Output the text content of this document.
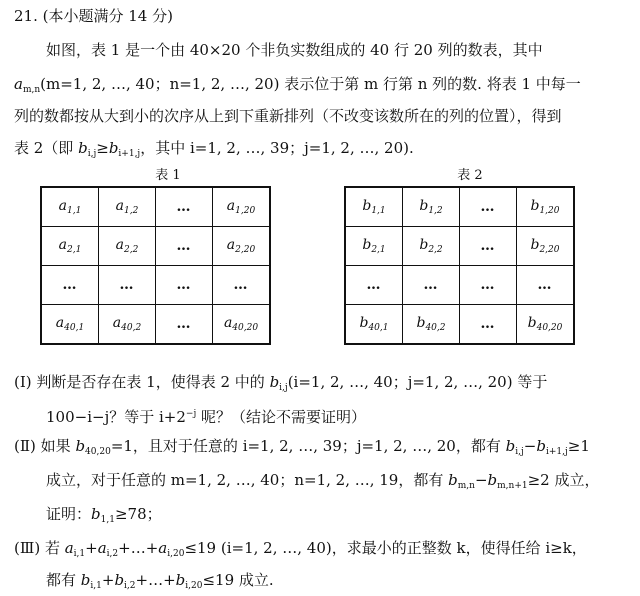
21. (本小题满分 14 分)
如图，表 1 是一个由 40×20 个非负实数组成的 40 行 20 列的数表，其中
$a_{m,n}(m=1$, 2, …, 40；n=1, 2, …, 20) 表示位于第 m 行第 n 列的数. 将表 1 中每一
列的数都按从大到小的次序从上到下重新排列（不改变该数所在的列的位置），得到
表 2（即 $b_{i,j}\ge b_{i+1,j}$，其中 i=1, 2, …, 39；j=1, 2, …, 20).
表 1	表 2
$a_{1,1}$	$a_{1,2}$	…	$a_{1,20}$
$a_{2,1}$	$a_{2,2}$	…	$a_{2,20}$
…	…	…	…
$a_{40,1}$	$a_{40,2}$	…	$a_{40,20}$
$b_{1,1}$	$b_{1,2}$	…	$b_{1,20}$
$b_{2,1}$	$b_{2,2}$	…	$b_{2,20}$
…	…	…	…
$b_{40,1}$	$b_{40,2}$	…	$b_{40,20}$
(Ⅰ) 判断是否存在表 1，使得表 2 中的 $b_{i,j}(i=1$, 2, …, 40；j=1, 2, …, 20) 等于
100−i−j？等于 $i+2^{-j}$ 呢？（结论不需要证明）
(Ⅱ) 如果 $b_{40,20}=1$，且对于任意的 i=1, 2, …, 39；j=1, 2, …, 20，都有 $b_{i,j}-b_{i+1,j}\ge 1$
成立，对于任意的 m=1, 2, …, 40；n=1, 2, …, 19，都有 $b_{m,n}-b_{m,n+1}\ge 2$ 成立，
证明：$b_{1,1}\ge 78$；
(Ⅲ) 若 $a_{i,1}+a_{i,2}+\dots+a_{i,20}\le 19$ (i=1, 2, …, 40)，求最小的正整数 k，使得任给 i≥k，
都有 $b_{i,1}+b_{i,2}+\dots+b_{i,20}\le 19$ 成立.
